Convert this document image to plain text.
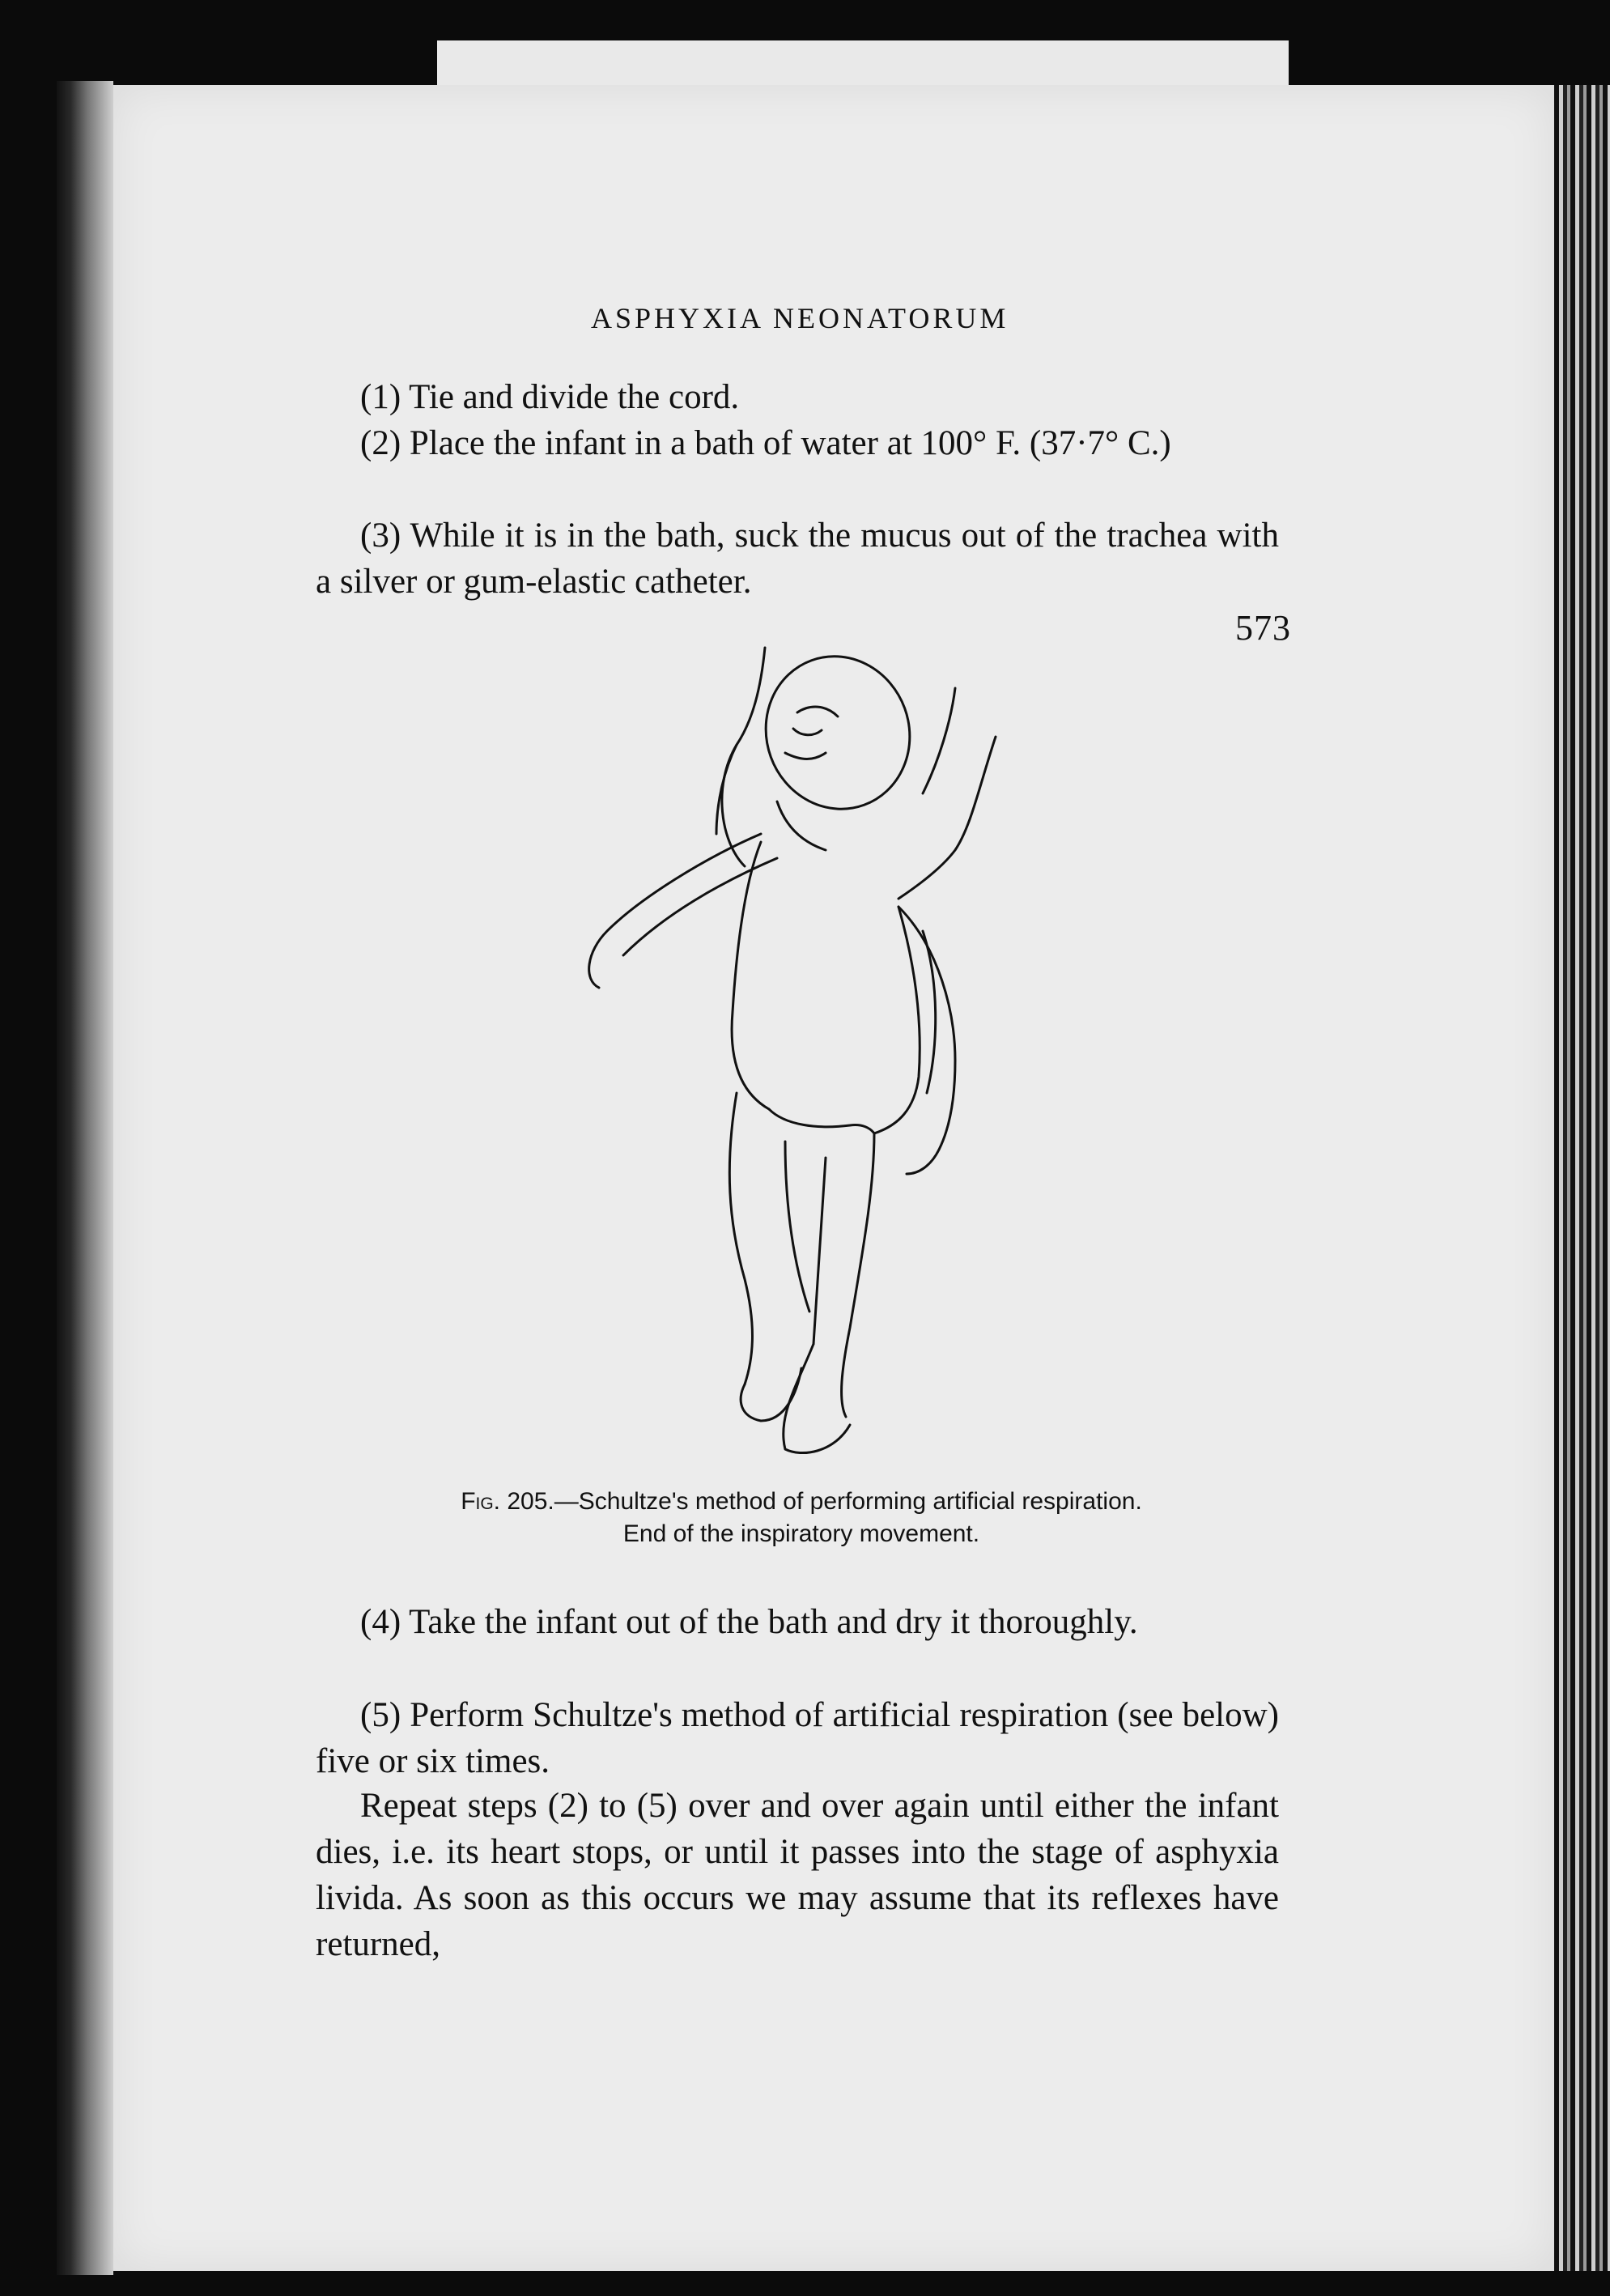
ASPHYXIA NEONATORUM
573
(1) Tie and divide the cord.
(2) Place the infant in a bath of water at 100° F. (37·7° C.)
(3) While it is in the bath, suck the mucus out of the trachea with a silver or gum-elastic catheter.
Fig. 205.—Schultze's method of performing artificial respiration.
End of the inspiratory movement.
(4) Take the infant out of the bath and dry it thoroughly.
(5) Perform Schultze's method of artificial respiration (see below) five or six times.
Repeat steps (2) to (5) over and over again until either the infant dies, i.e. its heart stops, or until it passes into the stage of asphyxia livida. As soon as this occurs we may assume that its reflexes have returned,
